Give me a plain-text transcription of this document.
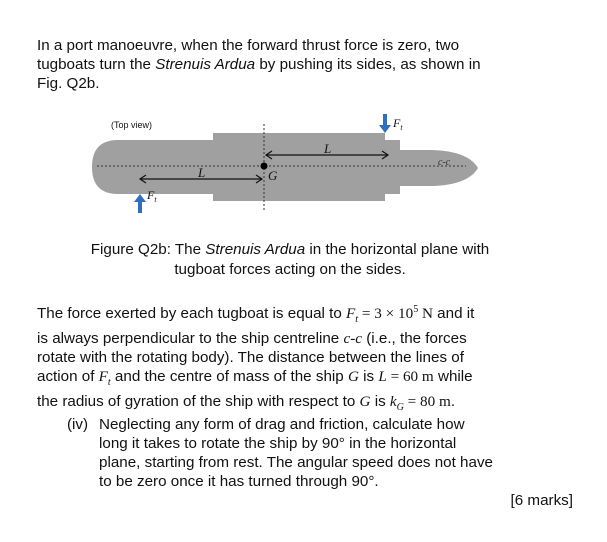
In a port manoeuvre, when the forward thrust force is zero, two
tugboats turn the Strenuis Ardua by pushing its sides, as shown in
Fig. Q2b.
(Top view)	$F_t$
$F_t$
L
L
G
c-c
Figure Q2b: The Strenuis Ardua in the horizontal plane with
tugboat forces acting on the sides.
The force exerted by each tugboat is equal to $F_t = 3 \times 10^5$ N and it
is always perpendicular to the ship centreline c-c (i.e., the forces
rotate with the rotating body). The distance between the lines of
action of $F_t$ and the centre of mass of the ship G is L = 60 m while
the radius of gyration of the ship with respect to G is $k_G = 80$ m.
(iv) Neglecting any form of drag and friction, calculate how
long it takes to rotate the ship by 90° in the horizontal
plane, starting from rest. The angular speed does not have
to be zero once it has turned through 90°.
[6 marks]
